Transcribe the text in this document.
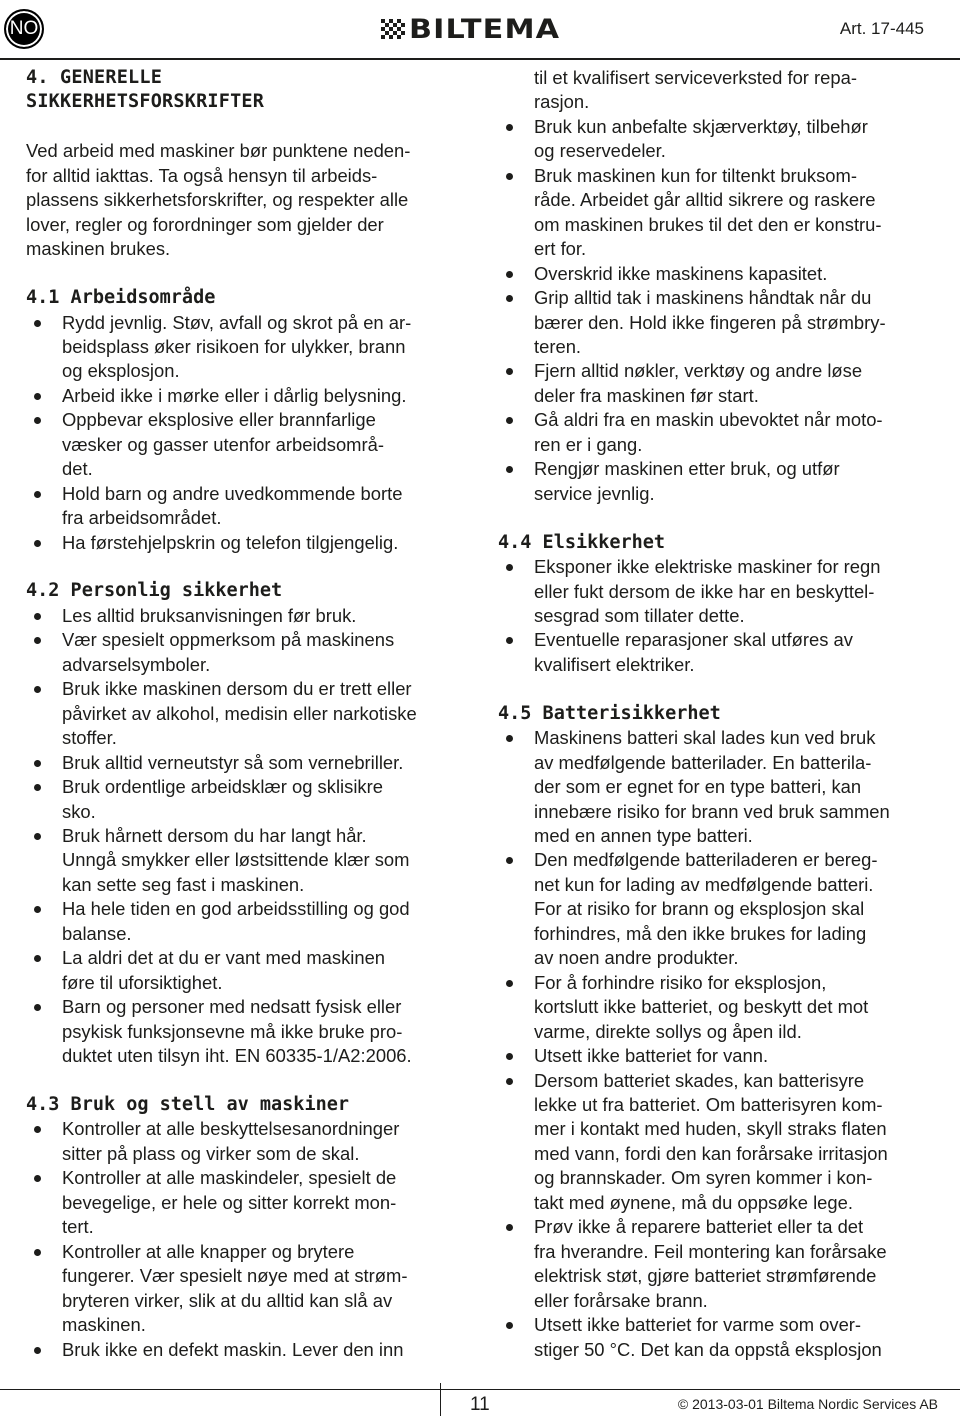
NO	BILTEMA	Art. 17-445
4. GENERELLE
SIKKERHETSFORSKRIFTER
Ved arbeid med maskiner bør punktene neden-
for alltid iakttas. Ta også hensyn til arbeids-
plassens sikkerhetsforskrifter, og respekter alle
lover, regler og forordninger som gjelder der
maskinen brukes.
4.1 Arbeidsområde
Rydd jevnlig. Støv, avfall og skrot på en ar-
beidsplass øker risikoen for ulykker, brann
og eksplosjon.
Arbeid ikke i mørke eller i dårlig belysning.
Oppbevar eksplosive eller brannfarlige
væsker og gasser utenfor arbeidsområ-
det.
Hold barn og andre uvedkommende borte
fra arbeidsområdet.
Ha førstehjelpskrin og telefon tilgjengelig.
4.2 Personlig sikkerhet
Les alltid bruksanvisningen før bruk.
Vær spesielt oppmerksom på maskinens
advarselsymboler.
Bruk ikke maskinen dersom du er trett eller
påvirket av alkohol, medisin eller narkotiske
stoffer.
Bruk alltid verneutstyr så som vernebriller.
Bruk ordentlige arbeidsklær og sklisikre
sko.
Bruk hårnett dersom du har langt hår.
Unngå smykker eller løstsittende klær som
kan sette seg fast i maskinen.
Ha hele tiden en god arbeidsstilling og god
balanse.
La aldri det at du er vant med maskinen
føre til uforsiktighet.
Barn og personer med nedsatt fysisk eller
psykisk funksjonsevne må ikke bruke pro-
duktet uten tilsyn iht. EN 60335-1/A2:2006.
4.3 Bruk og stell av maskiner
Kontroller at alle beskyttelsesanordninger
sitter på plass og virker som de skal.
Kontroller at alle maskindeler, spesielt de
bevegelige, er hele og sitter korrekt mon-
tert.
Kontroller at alle knapper og brytere
fungerer. Vær spesielt nøye med at strøm-
bryteren virker, slik at du alltid kan slå av
maskinen.
Bruk ikke en defekt maskin. Lever den inn
til et kvalifisert serviceverksted for repa-
rasjon.
Bruk kun anbefalte skjærverktøy, tilbehør
og reservedeler.
Bruk maskinen kun for tiltenkt bruksom-
råde. Arbeidet går alltid sikrere og raskere
om maskinen brukes til det den er konstru-
ert for.
Overskrid ikke maskinens kapasitet.
Grip alltid tak i maskinens håndtak når du
bærer den. Hold ikke fingeren på strømbry-
teren.
Fjern alltid nøkler, verktøy og andre løse
deler fra maskinen før start.
Gå aldri fra en maskin ubevoktet når moto-
ren er i gang.
Rengjør maskinen etter bruk, og utfør
service jevnlig.
4.4 Elsikkerhet
Eksponer ikke elektriske maskiner for regn
eller fukt dersom de ikke har en beskyttel-
sesgrad som tillater dette.
Eventuelle reparasjoner skal utføres av
kvalifisert elektriker.
4.5 Batterisikkerhet
Maskinens batteri skal lades kun ved bruk
av medfølgende batterilader. En batterila-
der som er egnet for en type batteri, kan
innebære risiko for brann ved bruk sammen
med en annen type batteri.
Den medfølgende batteriladeren er bereg-
net kun for lading av medfølgende batteri.
For at risiko for brann og eksplosjon skal
forhindres, må den ikke brukes for lading
av noen andre produkter.
For å forhindre risiko for eksplosjon,
kortslutt ikke batteriet, og beskytt det mot
varme, direkte sollys og åpen ild.
Utsett ikke batteriet for vann.
Dersom batteriet skades, kan batterisyre
lekke ut fra batteriet. Om batterisyren kom-
mer i kontakt med huden, skyll straks flaten
med vann, fordi den kan forårsake irritasjon
og brannskader. Om syren kommer i kon-
takt med øynene, må du oppsøke lege.
Prøv ikke å reparere batteriet eller ta det
fra hverandre. Feil montering kan forårsake
elektrisk støt, gjøre batteriet strømførende
eller forårsake brann.
Utsett ikke batteriet for varme som over-
stiger 50 °C. Det kan da oppstå eksplosjon
11	© 2013-03-01 Biltema Nordic Services AB
